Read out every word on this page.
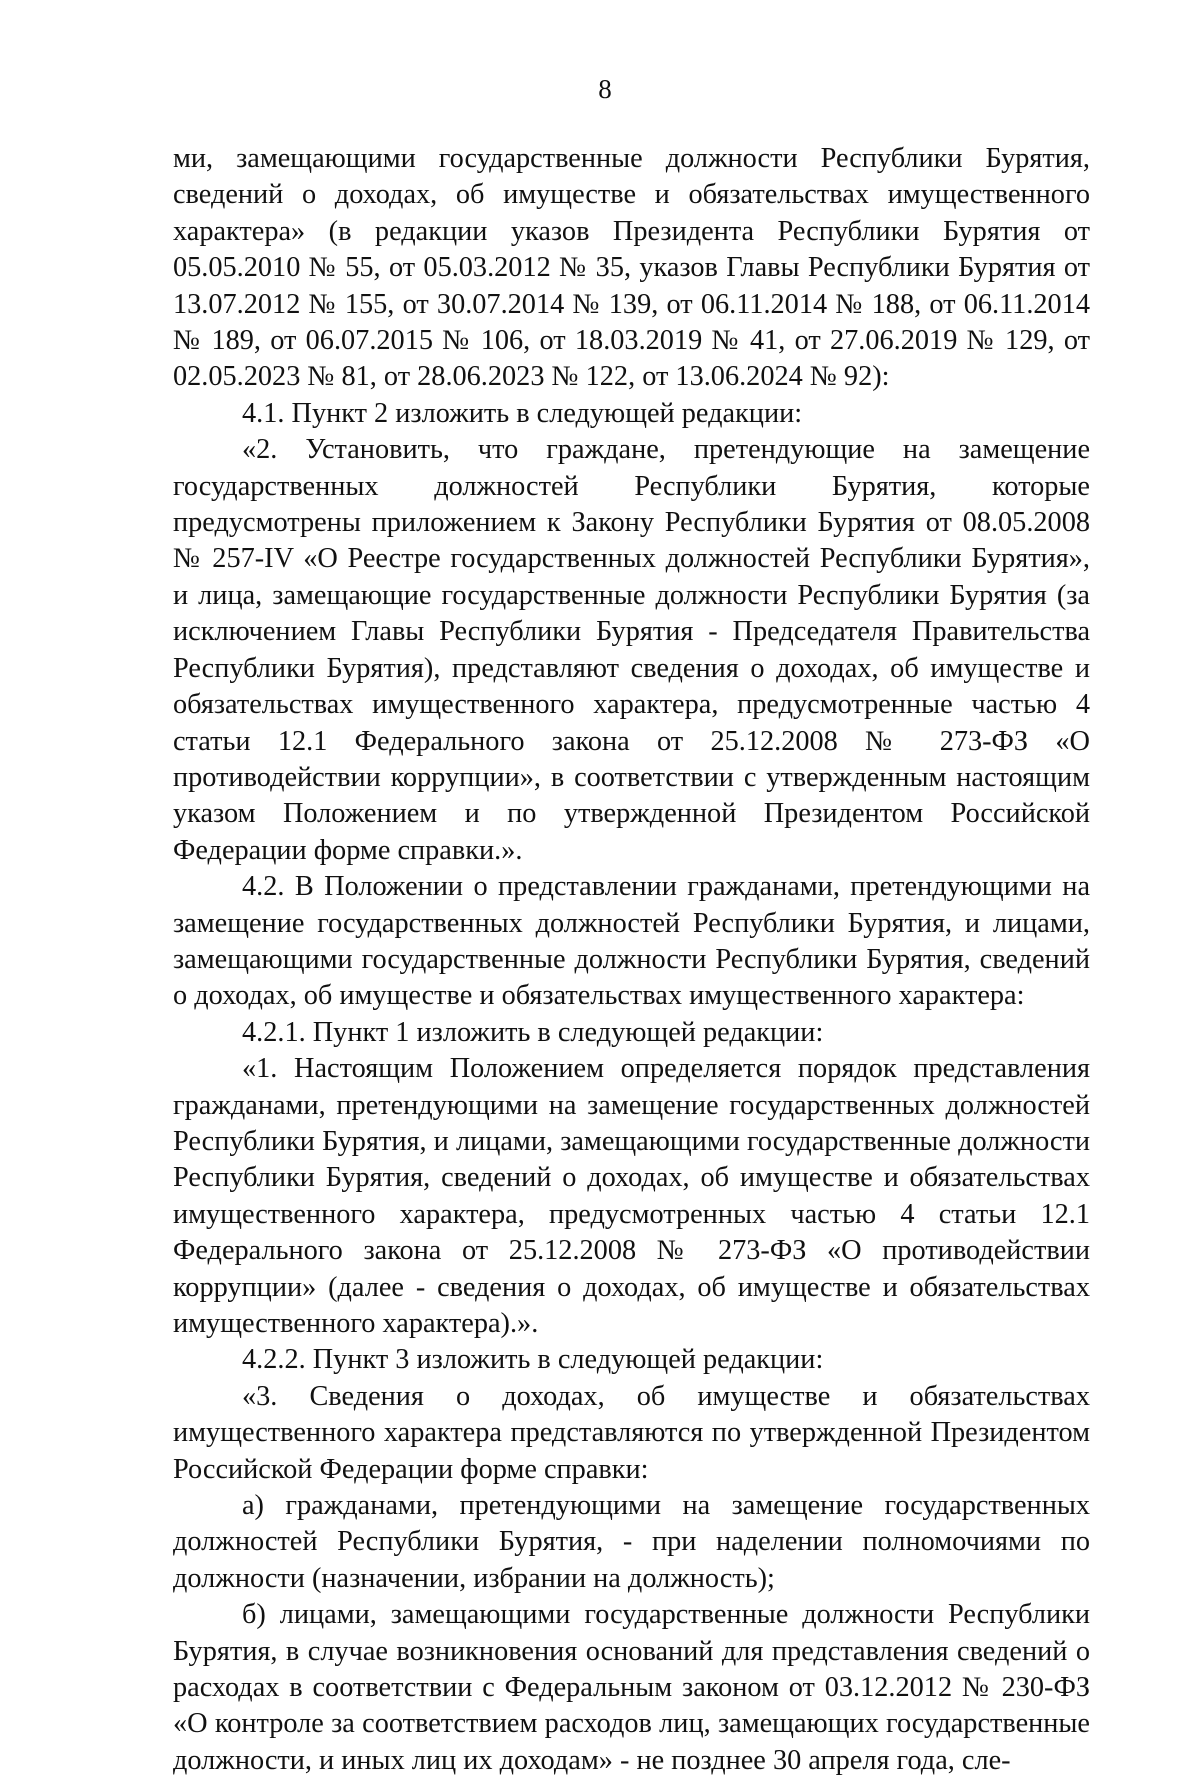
8

ми, замещающими государственные должности Республики Бурятия, сведений о доходах, об имуществе и обязательствах имущественного характера» (в редакции указов Президента Республики Бурятия от 05.05.2010 № 55, от 05.03.2012 № 35, указов Главы Республики Бурятия от 13.07.2012 № 155, от 30.07.2014 № 139, от 06.11.2014 № 188, от 06.11.2014 № 189, от 06.07.2015 № 106, от 18.03.2019 № 41, от 27.06.2019 № 129, от 02.05.2023 № 81, от 28.06.2023 № 122, от 13.06.2024 № 92):

4.1. Пункт 2 изложить в следующей редакции:

«2. Установить, что граждане, претендующие на замещение государственных должностей Республики Бурятия, которые предусмотрены приложением к Закону Республики Бурятия от 08.05.2008 № 257-IV «О Реестре государственных должностей Республики Бурятия», и лица, замещающие государственные должности Республики Бурятия (за исключением Главы Республики Бурятия - Председателя Правительства Республики Бурятия), представляют сведения о доходах, об имуществе и обязательствах имущественного характера, предусмотренные частью 4 статьи 12.1 Федерального закона от 25.12.2008 № 273-ФЗ «О противодействии коррупции», в соответствии с утвержденным настоящим указом Положением и по утвержденной Президентом Российской Федерации форме справки.».

4.2. В Положении о представлении гражданами, претендующими на замещение государственных должностей Республики Бурятия, и лицами, замещающими государственные должности Республики Бурятия, сведений о доходах, об имуществе и обязательствах имущественного характера:

4.2.1. Пункт 1 изложить в следующей редакции:

«1. Настоящим Положением определяется порядок представления гражданами, претендующими на замещение государственных должностей Республики Бурятия, и лицами, замещающими государственные должности Республики Бурятия, сведений о доходах, об имуществе и обязательствах имущественного характера, предусмотренных частью 4 статьи 12.1 Федерального закона от 25.12.2008 № 273-ФЗ «О противодействии коррупции» (далее - сведения о доходах, об имуществе и обязательствах имущественного характера).».

4.2.2. Пункт 3 изложить в следующей редакции:

«3. Сведения о доходах, об имуществе и обязательствах имущественного характера представляются по утвержденной Президентом Российской Федерации форме справки:

а) гражданами, претендующими на замещение государственных должностей Республики Бурятия, - при наделении полномочиями по должности (назначении, избрании на должность);

б) лицами, замещающими государственные должности Республики Бурятия, в случае возникновения оснований для представления сведений о расходах в соответствии с Федеральным законом от 03.12.2012 № 230-ФЗ «О контроле за соответствием расходов лиц, замещающих государственные должности, и иных лиц их доходам» - не позднее 30 апреля года, сле-
